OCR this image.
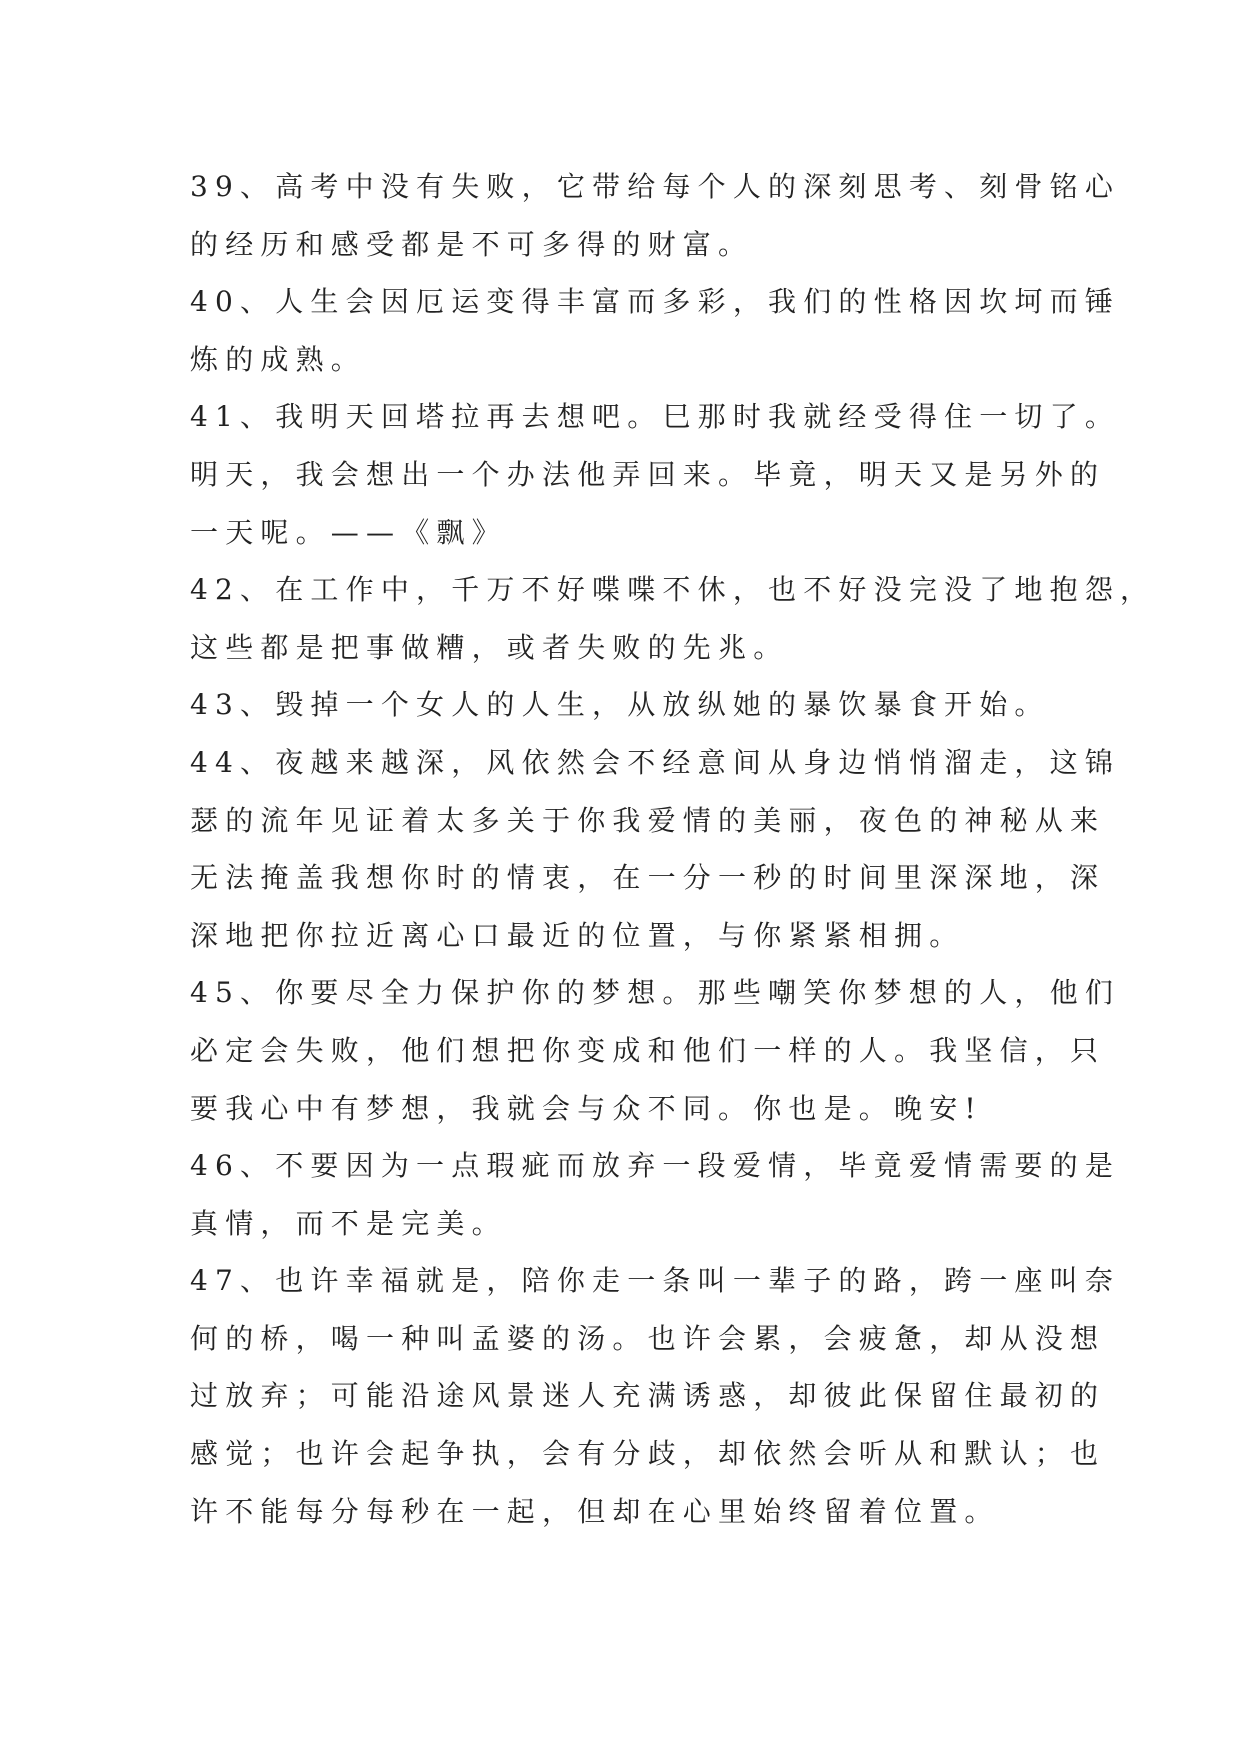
39、高考中没有失败，它带给每个人的深刻思考、刻骨铭心
的经历和感受都是不可多得的财富。
40、人生会因厄运变得丰富而多彩，我们的性格因坎坷而锤
炼的成熟。
41、我明天回塔拉再去想吧。巳那时我就经受得住一切了。
明天，我会想出一个办法他弄回来。毕竟，明天又是另外的
一天呢。——《飘》
42、在工作中，千万不好喋喋不休，也不好没完没了地抱怨，
这些都是把事做糟，或者失败的先兆。
43、毁掉一个女人的人生，从放纵她的暴饮暴食开始。
44、夜越来越深，风依然会不经意间从身边悄悄溜走，这锦
瑟的流年见证着太多关于你我爱情的美丽，夜色的神秘从来
无法掩盖我想你时的情衷，在一分一秒的时间里深深地，深
深地把你拉近离心口最近的位置，与你紧紧相拥。
45、你要尽全力保护你的梦想。那些嘲笑你梦想的人，他们
必定会失败，他们想把你变成和他们一样的人。我坚信，只
要我心中有梦想，我就会与众不同。你也是。晚安!
46、不要因为一点瑕疵而放弃一段爱情，毕竟爱情需要的是
真情，而不是完美。
47、也许幸福就是，陪你走一条叫一辈子的路，跨一座叫奈
何的桥，喝一种叫孟婆的汤。也许会累，会疲惫，却从没想
过放弃；可能沿途风景迷人充满诱惑，却彼此保留住最初的
感觉；也许会起争执，会有分歧，却依然会听从和默认；也
许不能每分每秒在一起，但却在心里始终留着位置。
